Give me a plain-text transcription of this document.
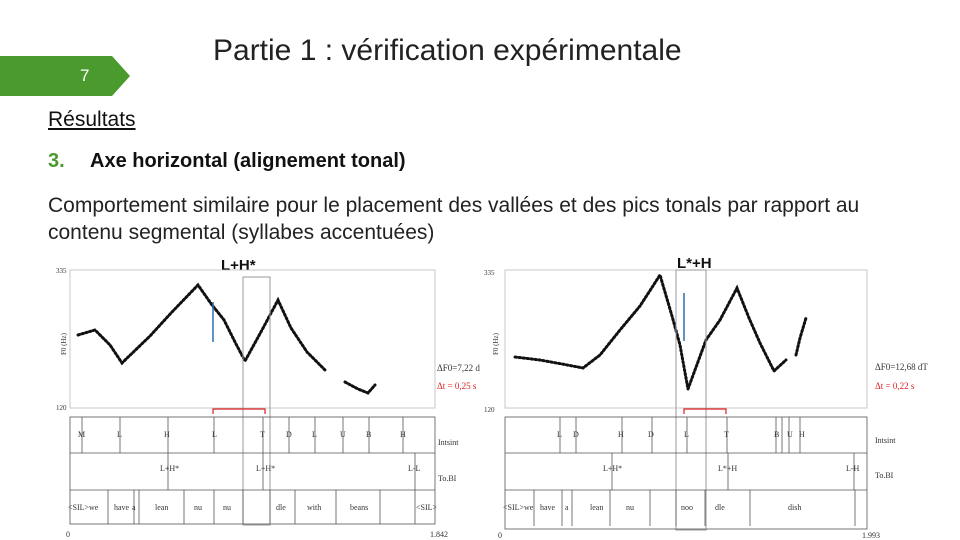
7
Partie 1 : vérification expérimentale
Résultats
3. Axe horizontal (alignement tonal)
Comportement similaire pour le placement des vallées et des pics tonals par rapport au contenu segmental (syllabes accentuées)
L+H*	L*+H
335
120
F0 (Hz)
ΔF0=7,22 d
Δt = 0,25 s
M	L	H	L	T	D	L	U	B	H
L+H*	L+H*	L-L
<SIL>we have a lean	nu	nu	dle	with	beans	<SIL>
0	1.842
Intsint
To.BI
335
120
F0 (Hz)
ΔF0=12,68 dT
Δt = 0,22 s
L D	H	D	L	T	B U H
L+H*	L*+H	L-H
<SIL>we have a	lean	nu	noo	dle	dish
0	1.993
Intsint
To.BI
